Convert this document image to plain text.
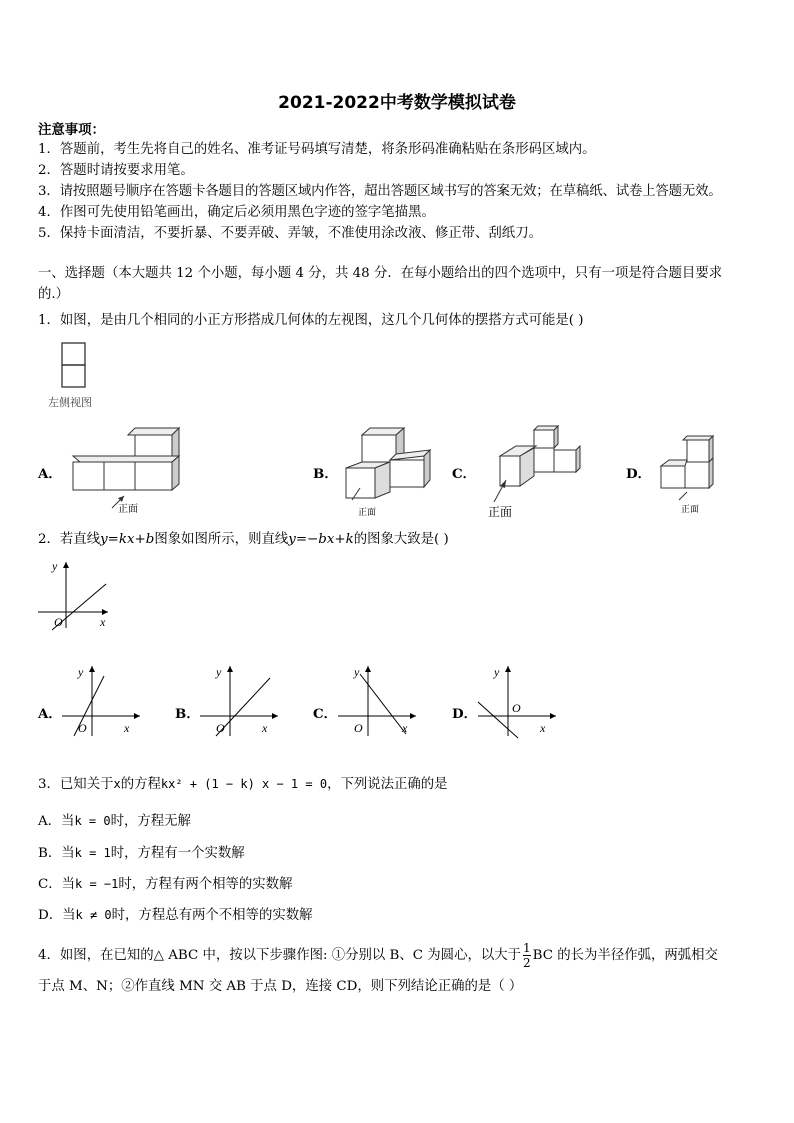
2021-2022中考数学模拟试卷
注意事项：
1．答题前，考生先将自己的姓名、准考证号码填写清楚，将条形码准确粘贴在条形码区域内。
2．答题时请按要求用笔。
3．请按照题号顺序在答题卡各题目的答题区域内作答，超出答题区域书写的答案无效；在草稿纸、试卷上答题无效。
4．作图可先使用铅笔画出，确定后必须用黑色字迹的签字笔描黑。
5．保持卡面清洁，不要折暴、不要弄破、弄皱，不准使用涂改液、修正带、刮纸刀。
一、选择题（本大题共 12 个小题，每小题 4 分，共 48 分．在每小题给出的四个选项中，只有一项是符合题目要求
的.）
1．如图，是由几个相同的小正方形搭成几何体的左视图，这几个几何体的摆搭方式可能是( )
左侧视图
A．
正面
B．
正面
C．
正面
D．
正面
2．若直线y=kx+b图象如图所示，则直线y=−bx+k的图象大致是( )
y
x
O
A．
y
x
O
B．
y
x
O
C．
y
x
O
D．
y
x
O
3．已知关于x的方程kx² + (1 − k) x − 1 = 0，下列说法正确的是
A．当k = 0时，方程无解
B．当k = 1时，方程有一个实数解
C．当k = −1时，方程有两个相等的实数解
D．当k ≠ 0时，方程总有两个不相等的实数解
4．如图，在已知的△ ABC 中，按以下步骤作图: ①分别以 B、C 为圆心，以大于 $\frac{1}{2}$ BC 的长为半径作弧，两弧相交
于点 M、N；②作直线 MN 交 AB 于点 D，连接 CD，则下列结论正确的是（ ）
